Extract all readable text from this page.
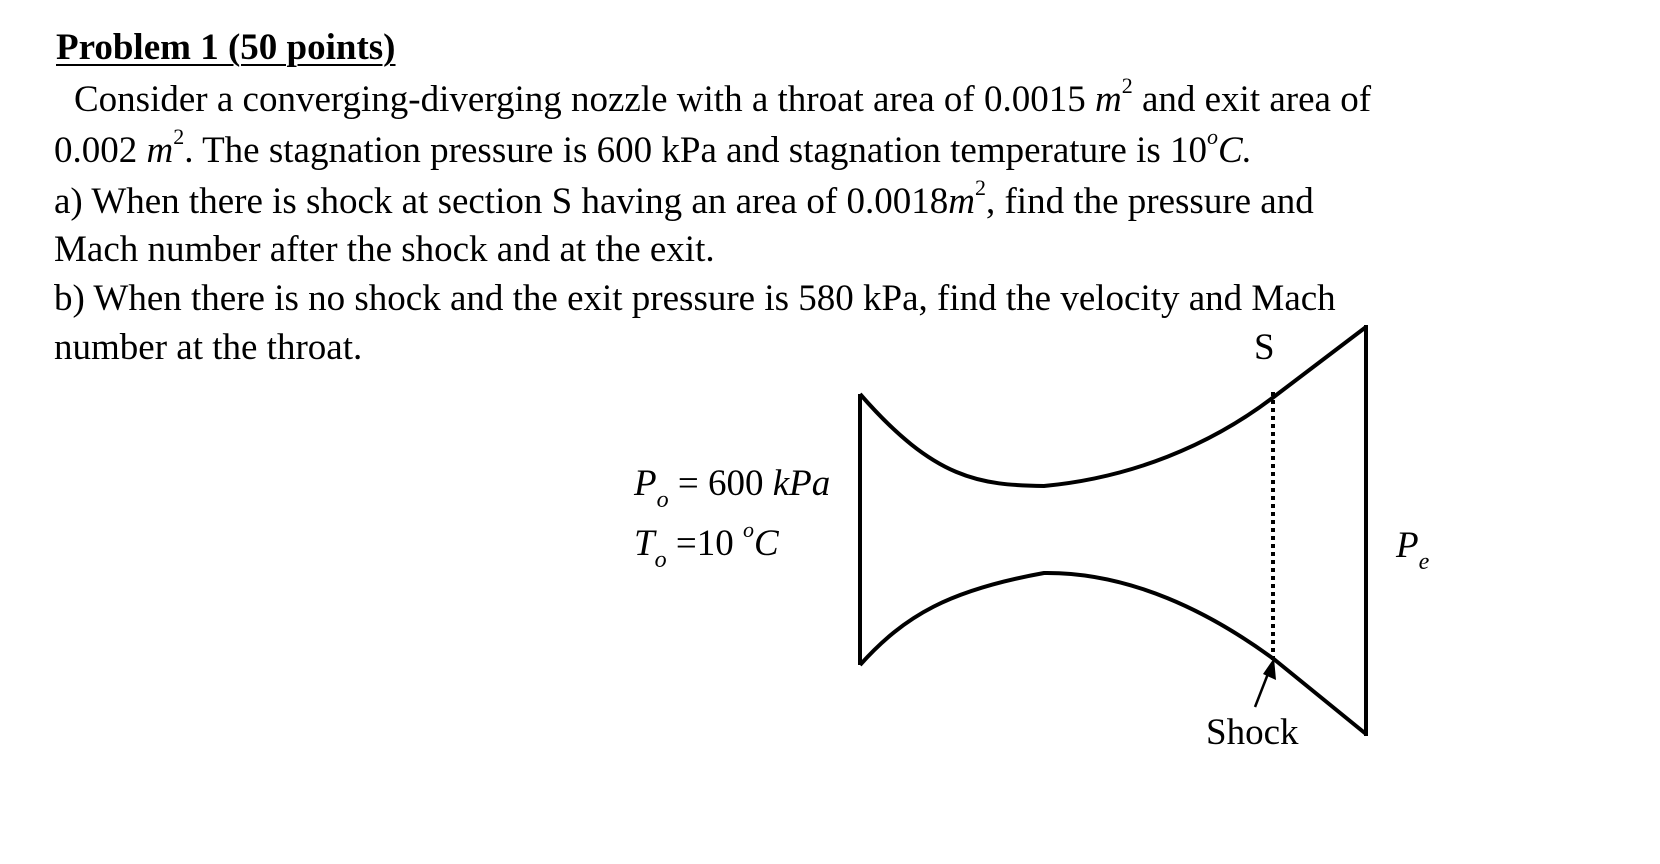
Problem 1 (50 points)
Consider a converging-diverging nozzle with a throat area of 0.0015 $m^2$ and exit area of
0.002 $m^2$. The stagnation pressure is 600 kPa and stagnation temperature is 10$^o$C.
a) When there is shock at section S having an area of $0.0018m^2$, find the pressure and
Mach number after the shock and at the exit.
b) When there is no shock and the exit pressure is 580 kPa, find the velocity and Mach
number at the throat.	S
Shock
$P_o = 600$ kPa
$T_o =10$ $^o$C	$P_e$
